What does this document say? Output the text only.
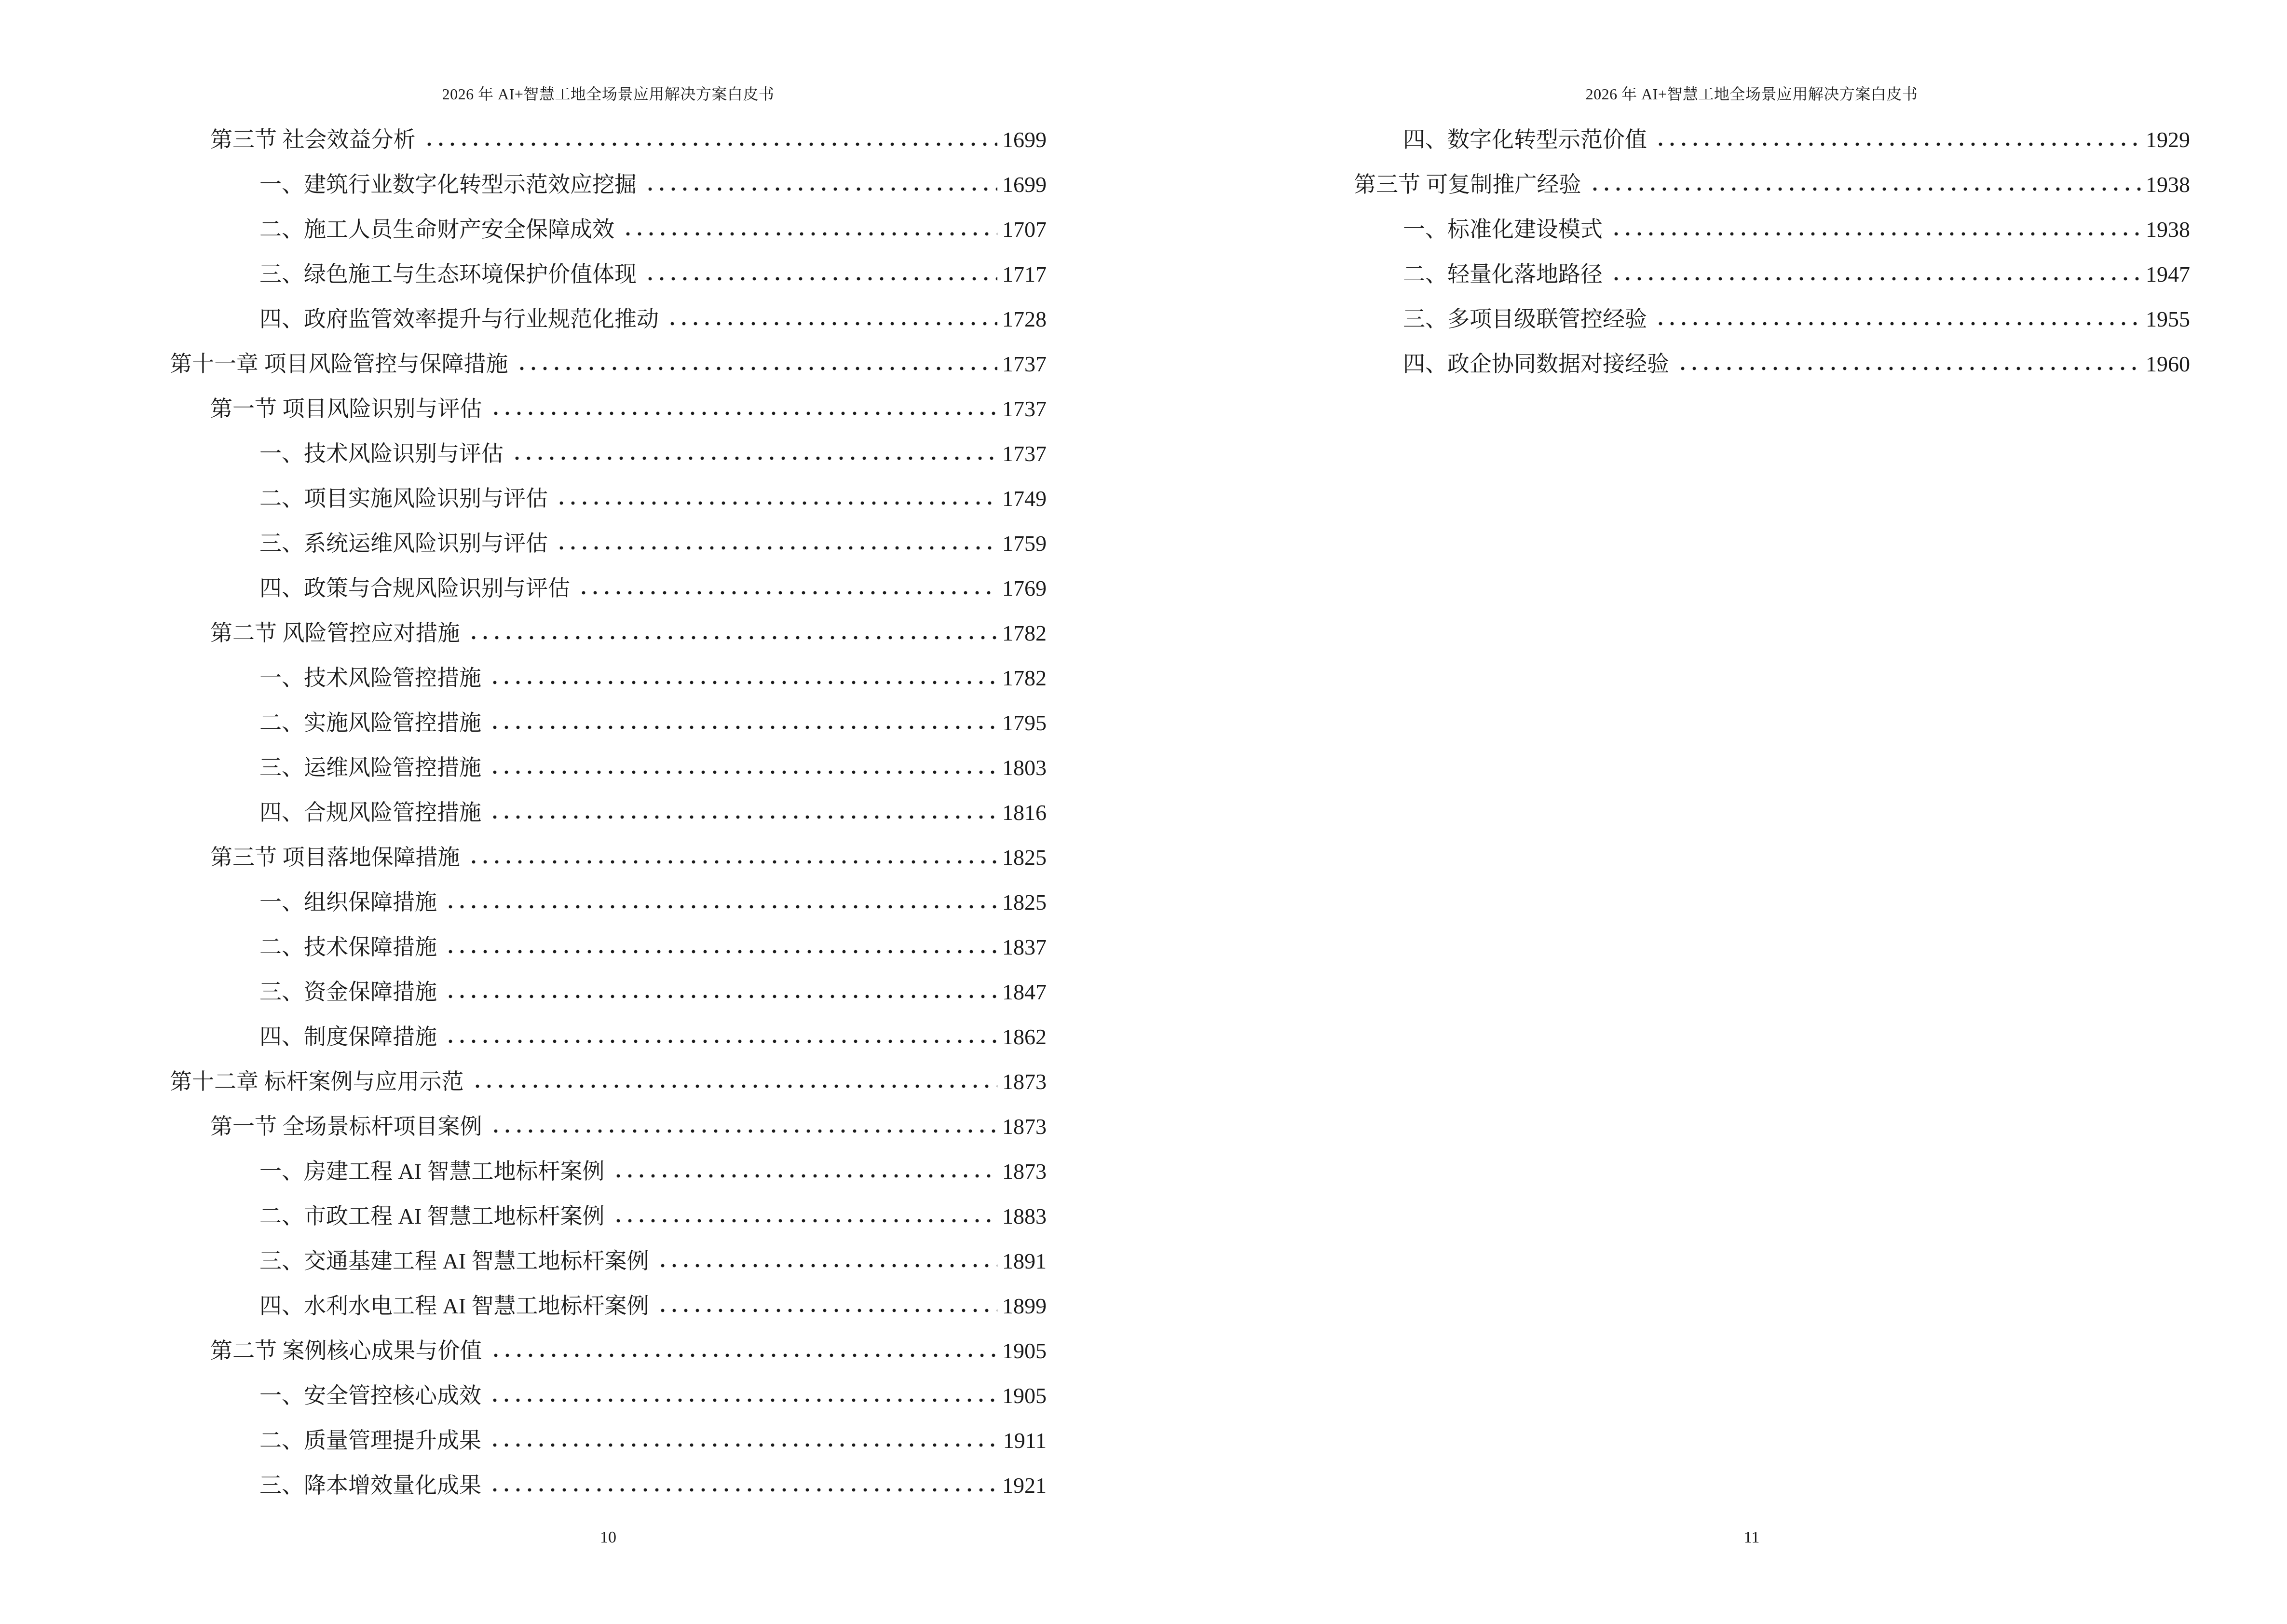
2026 年 AI+智慧工地全场景应用解决方案白皮书
第三节 社会效益分析	1699
一、建筑行业数字化转型示范效应挖掘	1699
二、施工人员生命财产安全保障成效	1707
三、绿色施工与生态环境保护价值体现	1717
四、政府监管效率提升与行业规范化推动	1728
第十一章 项目风险管控与保障措施	1737
第一节 项目风险识别与评估	1737
一、技术风险识别与评估	1737
二、项目实施风险识别与评估	1749
三、系统运维风险识别与评估	1759
四、政策与合规风险识别与评估	1769
第二节 风险管控应对措施	1782
一、技术风险管控措施	1782
二、实施风险管控措施	1795
三、运维风险管控措施	1803
四、合规风险管控措施	1816
第三节 项目落地保障措施	1825
一、组织保障措施	1825
二、技术保障措施	1837
三、资金保障措施	1847
四、制度保障措施	1862
第十二章 标杆案例与应用示范	1873
第一节 全场景标杆项目案例	1873
一、房建工程 AI 智慧工地标杆案例	1873
二、市政工程 AI 智慧工地标杆案例	1883
三、交通基建工程 AI 智慧工地标杆案例	1891
四、水利水电工程 AI 智慧工地标杆案例	1899
第二节 案例核心成果与价值	1905
一、安全管控核心成效	1905
二、质量管理提升成果	1911
三、降本增效量化成果	1921
10
2026 年 AI+智慧工地全场景应用解决方案白皮书
四、数字化转型示范价值	1929
第三节 可复制推广经验	1938
一、标准化建设模式	1938
二、轻量化落地路径	1947
三、多项目级联管控经验	1955
四、政企协同数据对接经验	1960
11
